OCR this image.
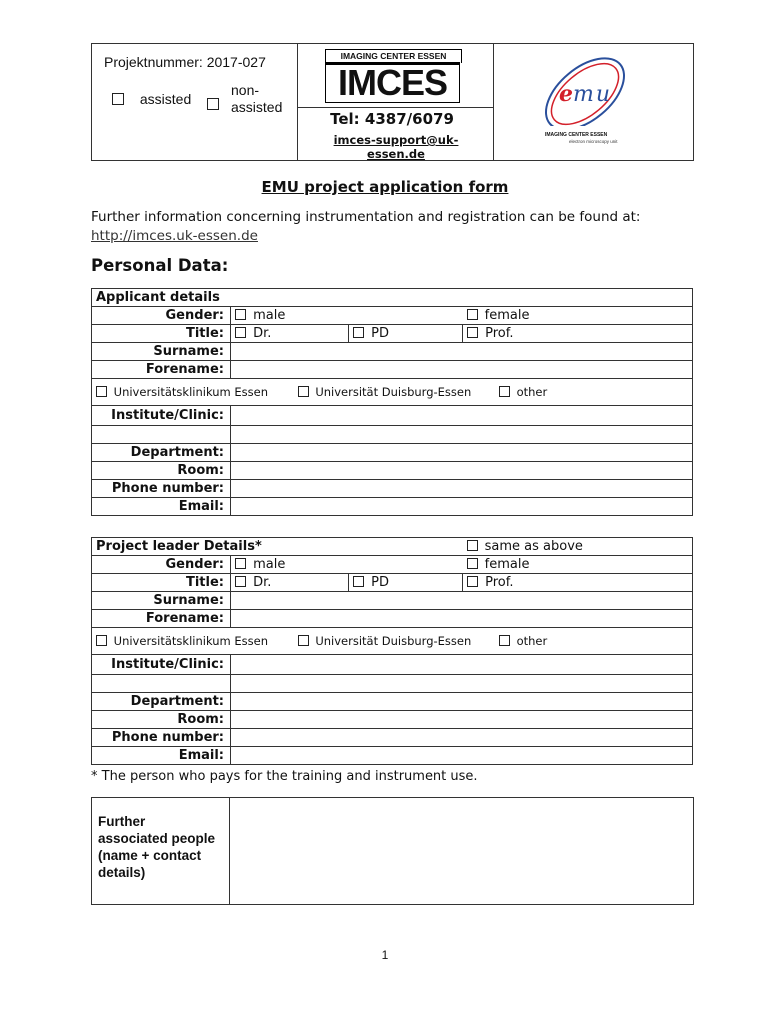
Projektnummer: 2017-027
assisted
non-
assisted
IMAGING CENTER ESSEN
IMCES
Tel: 4387/6079
imces-support@uk-essen.de
emu
IMAGING CENTER ESSEN
electron microscopy unit
EMU project application form
Further information concerning instrumentation and registration can be found at:
http://imces.uk-essen.de
Personal Data:
Applicant details			
Gender:	male		female
Title:	Dr.	PD	Prof.
Surname:			
Forename:			
Universitätsklinikum Essen Universität Duisburg-Essen other			
Institute/Clinic:			

Department:			
Room:			
Phone number:			
Email:			
Project leader Details*			same as above
Gender:	male		female
Title:	Dr.	PD	Prof.
Surname:			
Forename:			
Universitätsklinikum Essen Universität Duisburg-Essen other			
Institute/Clinic:			

Department:			
Room:			
Phone number:			
Email:			
* The person who pays for the training and instrument use.
Further
associated people
(name + contact
details)
1
